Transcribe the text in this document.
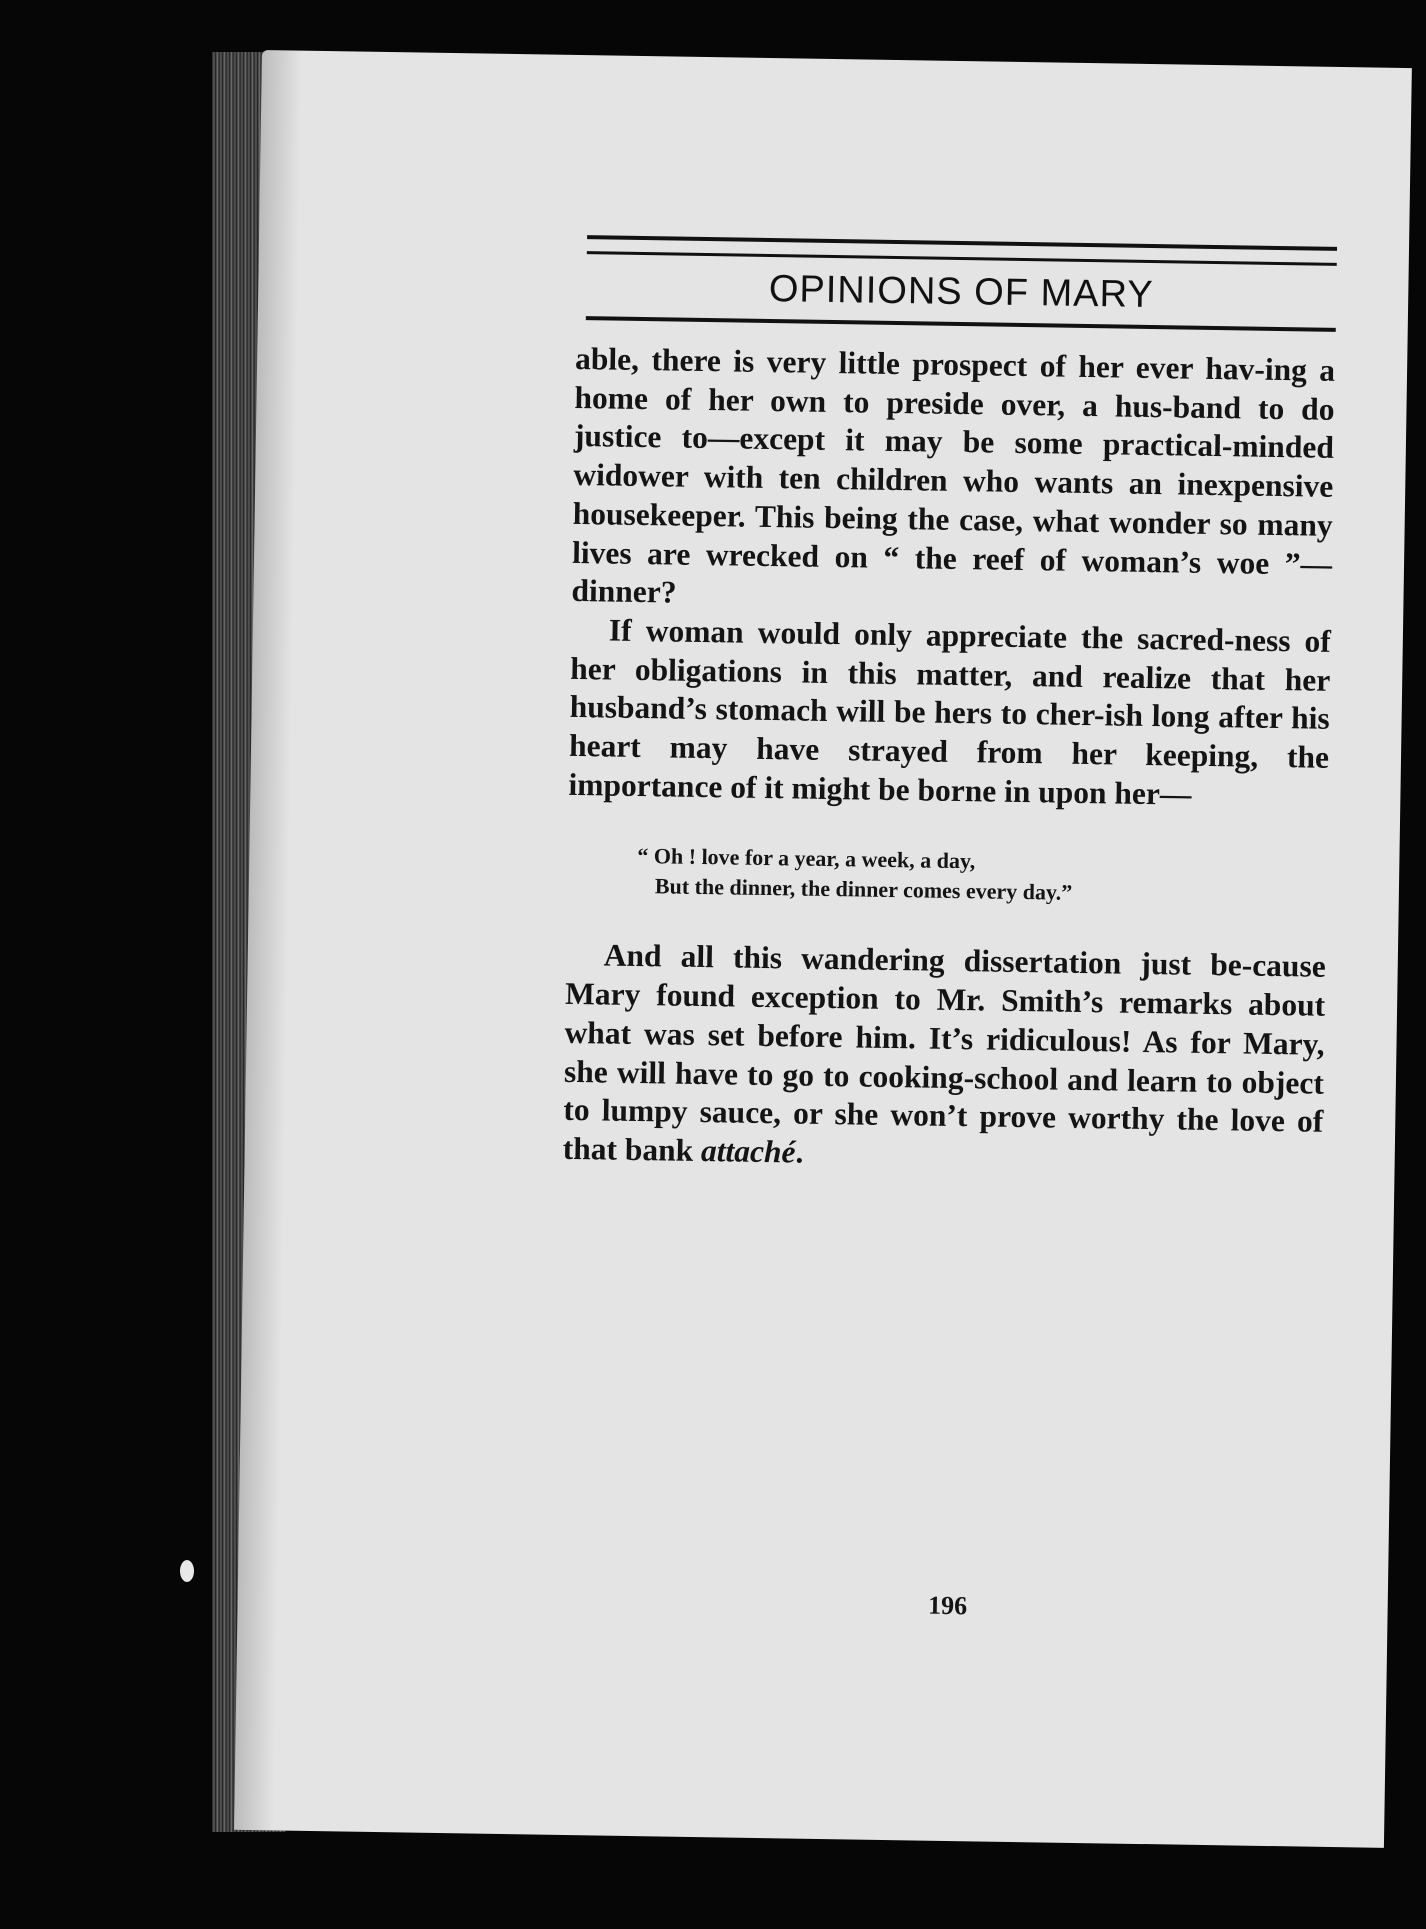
OPINIONS OF MARY

able, there is very little prospect of her ever hav-ing a home of her own to preside over, a hus-band to do justice to—except it may be some practical-minded widower with ten children who wants an inexpensive housekeeper. This being the case, what wonder so many lives are wrecked on “ the reef of woman’s woe ”—dinner?

If woman would only appreciate the sacred-ness of her obligations in this matter, and realize that her husband’s stomach will be hers to cher-ish long after his heart may have strayed from her keeping, the importance of it might be borne in upon her—

“ Oh ! love for a year, a week, a day,
But the dinner, the dinner comes every day.”

And all this wandering dissertation just be-cause Mary found exception to Mr. Smith’s remarks about what was set before him. It’s ridiculous! As for Mary, she will have to go to cooking-school and learn to object to lumpy sauce, or she won’t prove worthy the love of that bank attaché.

196
